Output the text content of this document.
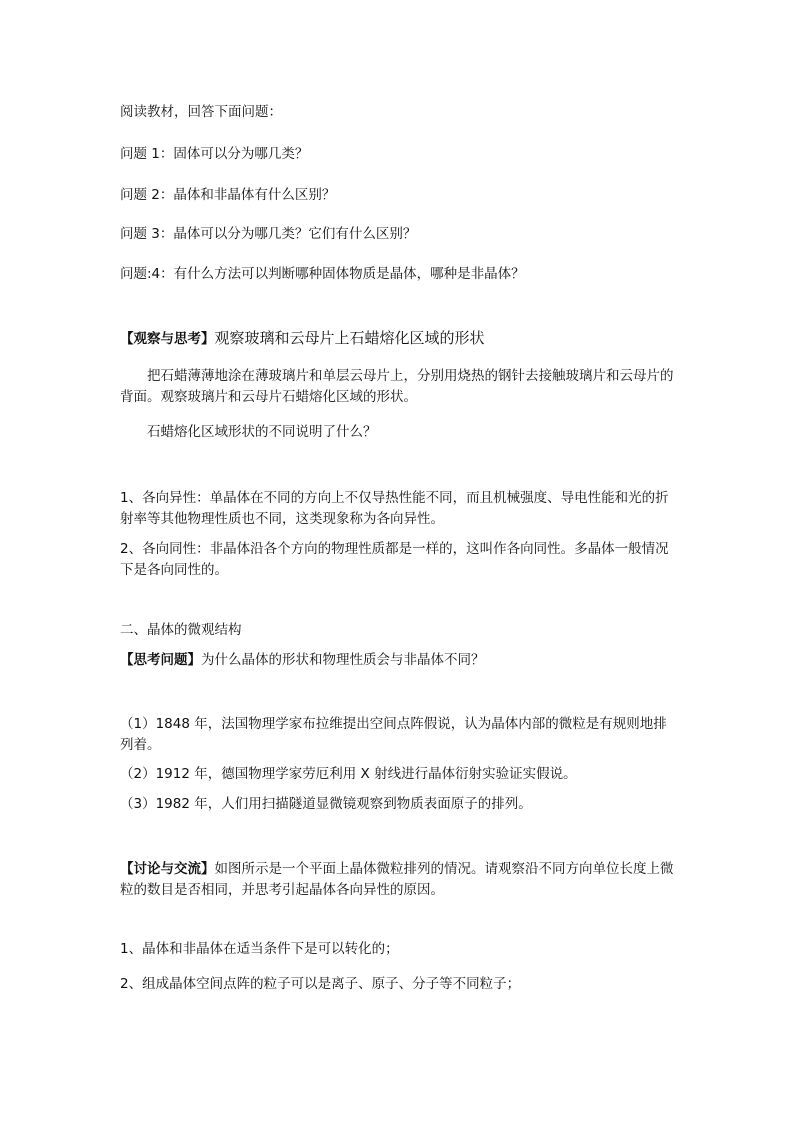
阅读教材，回答下面问题：

问题 1：固体可以分为哪几类？

问题 2：晶体和非晶体有什么区别？

问题 3：晶体可以分为哪几类？它们有什么区别？

问题:4：有什么方法可以判断哪种固体物质是晶体，哪种是非晶体？

【观察与思考】观察玻璃和云母片上石蜡熔化区域的形状

把石蜡薄薄地涂在薄玻璃片和单层云母片上，分别用烧热的钢针去接触玻璃片和云母片的背面。观察玻璃片和云母片石蜡熔化区域的形状。

石蜡熔化区域形状的不同说明了什么？

1、各向异性：单晶体在不同的方向上不仅导热性能不同，而且机械强度、导电性能和光的折射率等其他物理性质也不同，这类现象称为各向异性。

2、各向同性：非晶体沿各个方向的物理性质都是一样的，这叫作各向同性。多晶体一般情况下是各向同性的。

二、晶体的微观结构

【思考问题】为什么晶体的形状和物理性质会与非晶体不同？

（1）1848 年，法国物理学家布拉维提出空间点阵假说，认为晶体内部的微粒是有规则地排列着。

（2）1912 年，德国物理学家劳厄利用 X 射线进行晶体衍射实验证实假说。

（3）1982 年，人们用扫描隧道显微镜观察到物质表面原子的排列。

【讨论与交流】如图所示是一个平面上晶体微粒排列的情况。请观察沿不同方向单位长度上微粒的数目是否相同，并思考引起晶体各向异性的原因。

1、晶体和非晶体在适当条件下是可以转化的；

2、组成晶体空间点阵的粒子可以是离子、原子、分子等不同粒子；
